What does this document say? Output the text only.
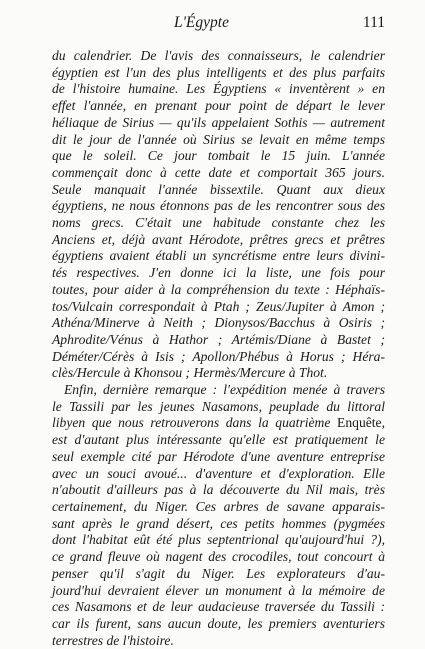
L'Égypte	111
du calendrier. De l'avis des connaisseurs, le calendrier
égyptien est l'un des plus intelligents et des plus parfaits
de l'histoire humaine. Les Égyptiens « inventèrent » en
effet l'année, en prenant pour point de départ le lever
héliaque de Sirius — qu'ils appelaient Sothis — autrement
dit le jour de l'année où Sirius se levait en même temps
que le soleil. Ce jour tombait le 15 juin. L'année
commençait donc à cette date et comportait 365 jours.
Seule manquait l'année bissextile. Quant aux dieux
égyptiens, ne nous étonnons pas de les rencontrer sous des
noms grecs. C'était une habitude constante chez les
Anciens et, déjà avant Hérodote, prêtres grecs et prêtres
égyptiens avaient établi un syncrétisme entre leurs divini-
tés respectives. J'en donne ici la liste, une fois pour
toutes, pour aider à la compréhension du texte : Héphaïs-
tos/Vulcain correspondait à Ptah ; Zeus/Jupiter à Amon ;
Athéna/Minerve à Neith ; Dionysos/Bacchus à Osiris ;
Aphrodite/Vénus à Hathor ; Artémis/Diane à Bastet ;
Déméter/Cérès à Isis ; Apollon/Phébus à Horus ; Héra-
clès/Hercule à Khonsou ; Hermès/Mercure à Thot.
Enfin, dernière remarque : l'expédition menée à travers
le Tassili par les jeunes Nasamons, peuplade du littoral
libyen que nous retrouverons dans la quatrième Enquête,
est d'autant plus intéressante qu'elle est pratiquement le
seul exemple cité par Hérodote d'une aventure entreprise
avec un souci avoué... d'aventure et d'exploration. Elle
n'aboutit d'ailleurs pas à la découverte du Nil mais, très
certainement, du Niger. Ces arbres de savane apparais-
sant après le grand désert, ces petits hommes (pygmées
dont l'habitat eût été plus septentrional qu'aujourd'hui ?),
ce grand fleuve où nagent des crocodiles, tout concourt à
penser qu'il s'agit du Niger. Les explorateurs d'au-
jourd'hui devraient élever un monument à la mémoire de
ces Nasamons et de leur audacieuse traversée du Tassili :
car ils furent, sans aucun doute, les premiers aventuriers
terrestres de l'histoire.
